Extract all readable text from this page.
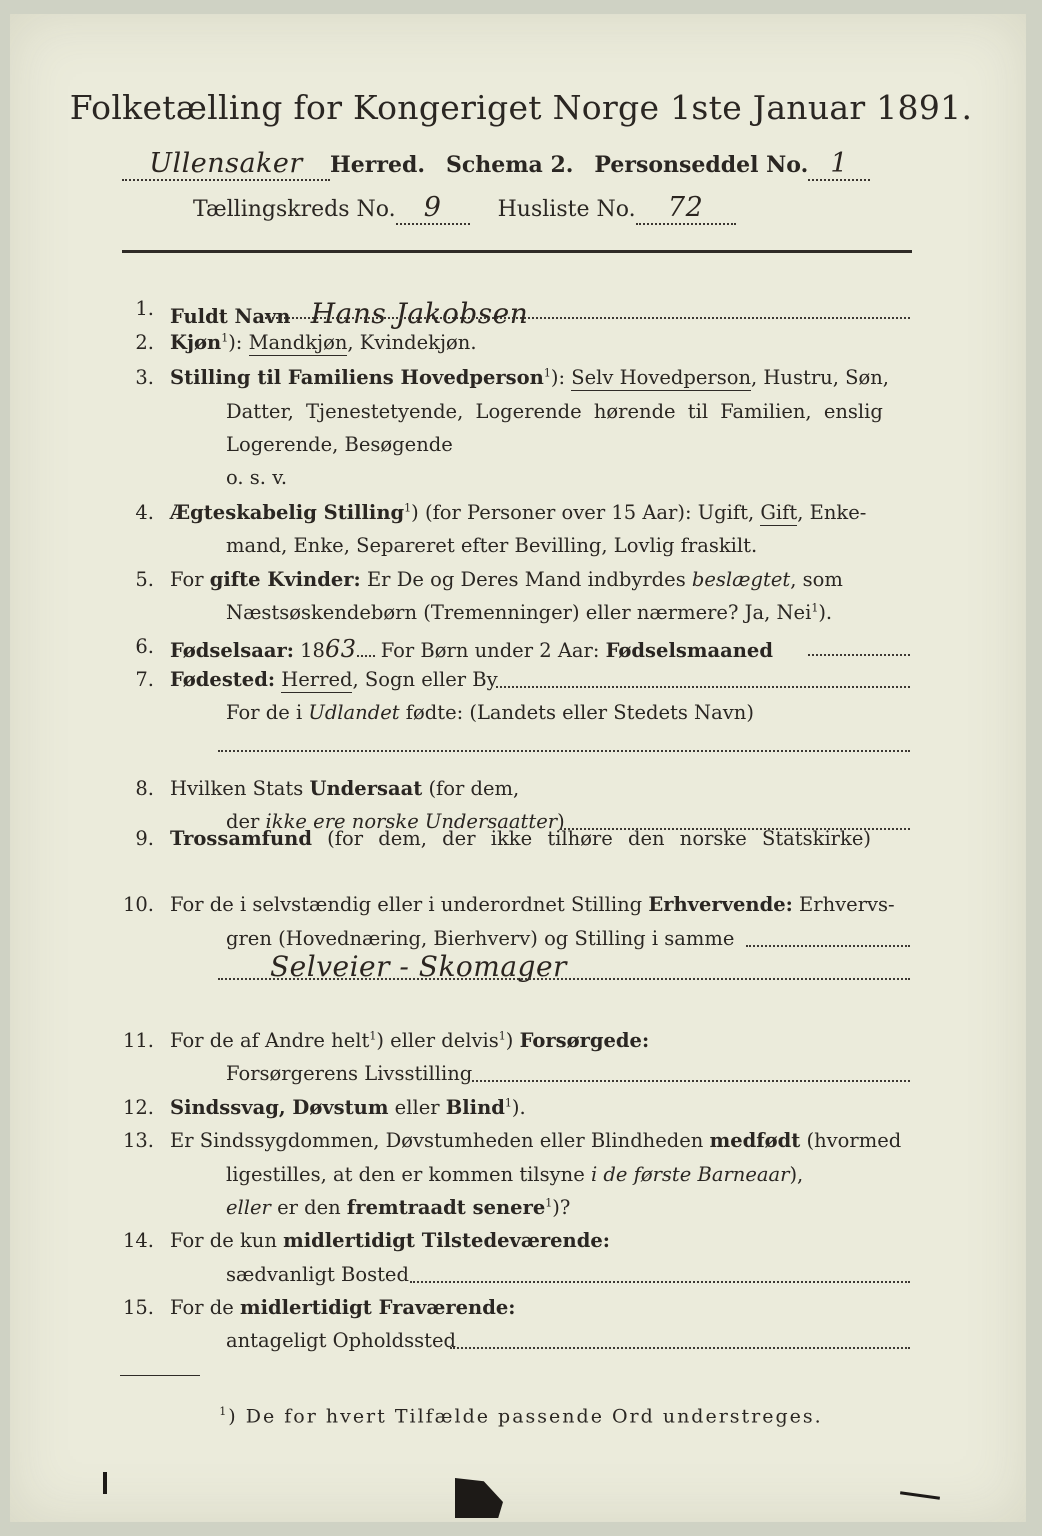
Folketælling for Kongeriget Norge 1ste Januar 1891.
Ullensaker Herred. Schema 2. Personseddel No. 1
Tællingskreds No. 9	Husliste No. 72
1. Fuldt Navn Hans Jakobsen
2. Kjøn$^1$): Mandkjøn, Kvindekjøn.
3. Stilling til Familiens Hovedperson$^1$): Selv Hovedperson, Hustru, Søn,
Datter, Tjenestetyende, Logerende hørende til Familien, enslig
Logerende, Besøgende
o. s. v.
4. Ægteskabelig Stilling$^1$) (for Personer over 15 Aar): Ugift, Gift, Enke-
mand, Enke, Separeret efter Bevilling, Lovlig fraskilt.
5. For gifte Kvinder: Er De og Deres Mand indbyrdes beslægtet, som
Næstsøskendebørn (Tremenninger) eller nærmere? Ja, Nei$^1$).
6. Fødselsaar: 1863 For Børn under 2 Aar: Fødselsmaaned
7. Fødested: Herred, Sogn eller By
For de i Udlandet fødte: (Landets eller Stedets Navn)
8. Hvilken Stats Undersaat (for dem,
der ikke ere norske Undersaatter)
9. Trossamfund (for dem, der ikke tilhøre den norske Statskirke)
10. For de i selvstændig eller i underordnet Stilling Erhvervende: Erhvervs-
gren (Hovednæring, Bierhverv) og Stilling i samme
Selveier - Skomager
11. For de af Andre helt$^1$) eller delvis$^1$) Forsørgede:
Forsørgerens Livsstilling
12. Sindssvag, Døvstum eller Blind$^1$).
13. Er Sindssygdommen, Døvstumheden eller Blindheden medfødt (hvormed
ligestilles, at den er kommen tilsyne i de første Barneaar),
eller er den fremtraadt senere$^1$)?
14. For de kun midlertidigt Tilstedeværende:
sædvanligt Bosted
15. For de midlertidigt Fraværende:
antageligt Opholdssted
$^1$) De for hvert Tilfælde passende Ord understreges.
